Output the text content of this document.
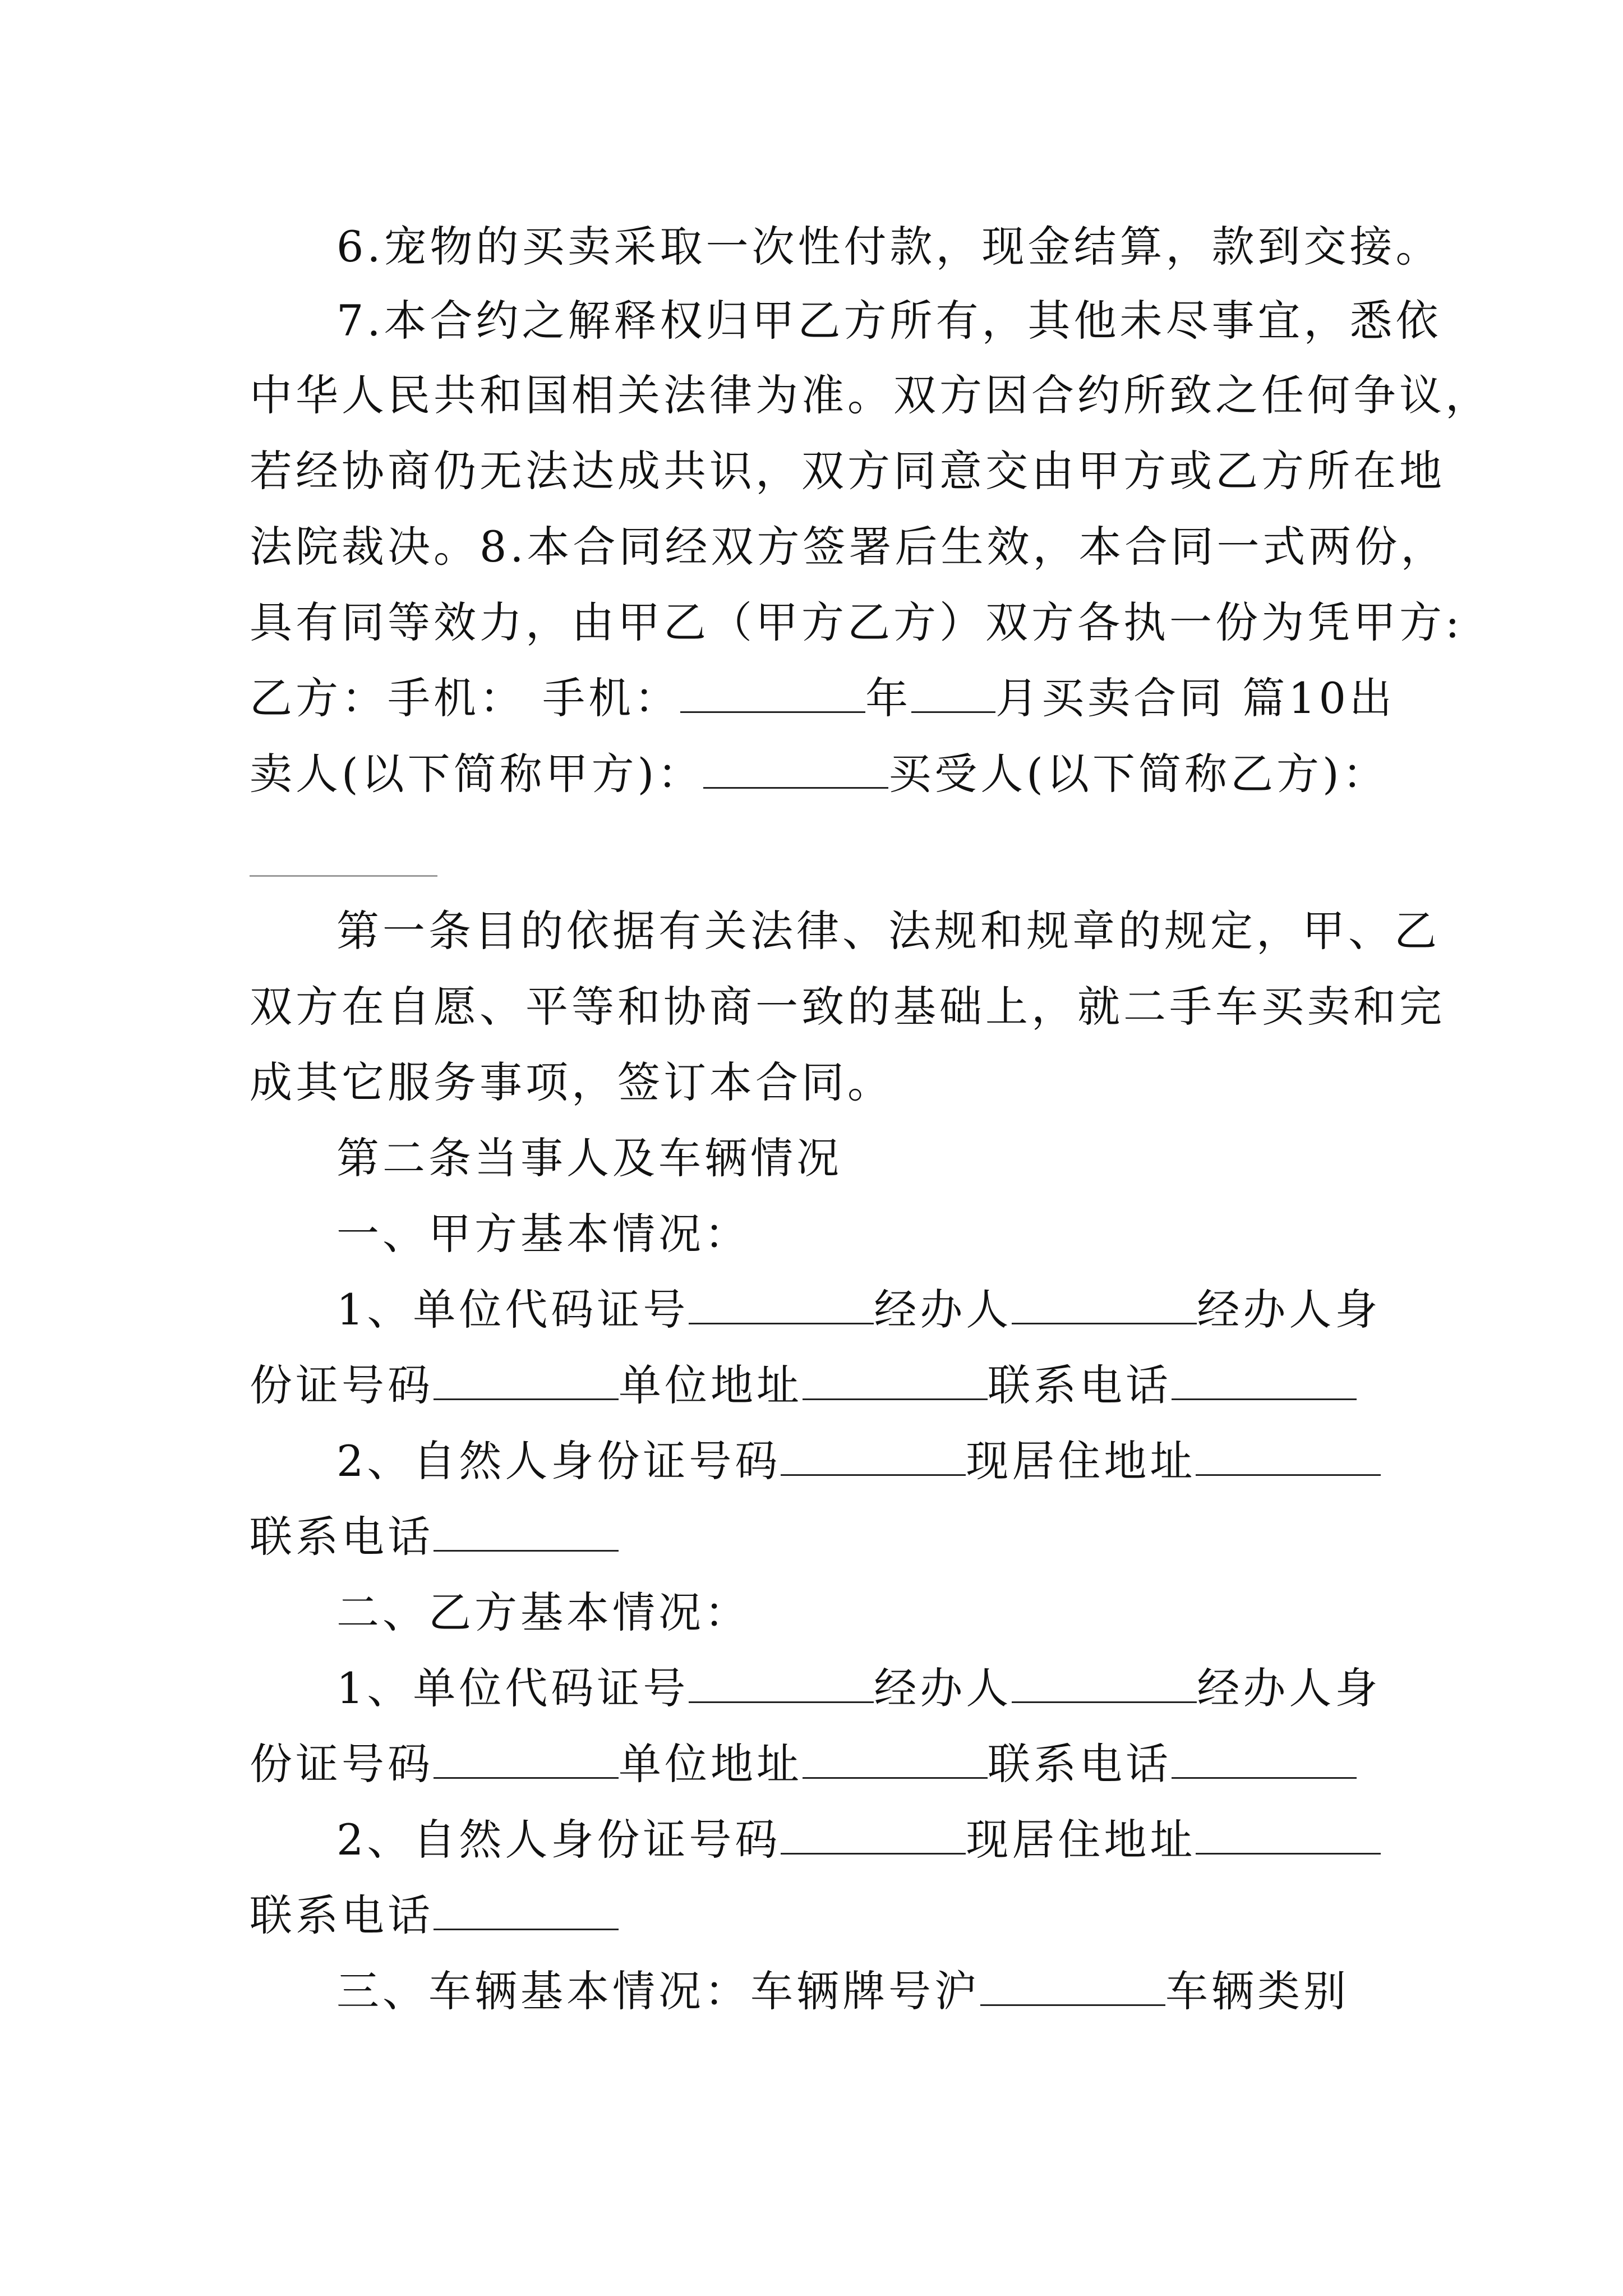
6.宠物的买卖采取一次性付款，现金结算，款到交接。
7.本合约之解释权归甲乙方所有，其他未尽事宜，悉依
中华人民共和国相关法律为准。双方因合约所致之任何争议，
若经协商仍无法达成共识，双方同意交由甲方或乙方所在地
法院裁决。8.本合同经双方签署后生效，本合同一式两份，
具有同等效力，由甲乙（甲方乙方）双方各执一份为凭甲方:
乙方：手机： 手机：	年 月买卖合同 篇10出
卖人(以下简称甲方)：	买受人(以下简称乙方)：
第一条目的依据有关法律、法规和规章的规定，甲、乙
双方在自愿、平等和协商一致的基础上，就二手车买卖和完
成其它服务事项，签订本合同。
第二条当事人及车辆情况
一、甲方基本情况：
1、单位代码证号	经办人	经办人身
份证号码	单位地址	联系电话
2、自然人身份证号码	现居住地址
联系电话
二、乙方基本情况：
1、单位代码证号	经办人	经办人身
份证号码	单位地址	联系电话
2、自然人身份证号码	现居住地址
联系电话
三、车辆基本情况：车辆牌号沪	车辆类别
